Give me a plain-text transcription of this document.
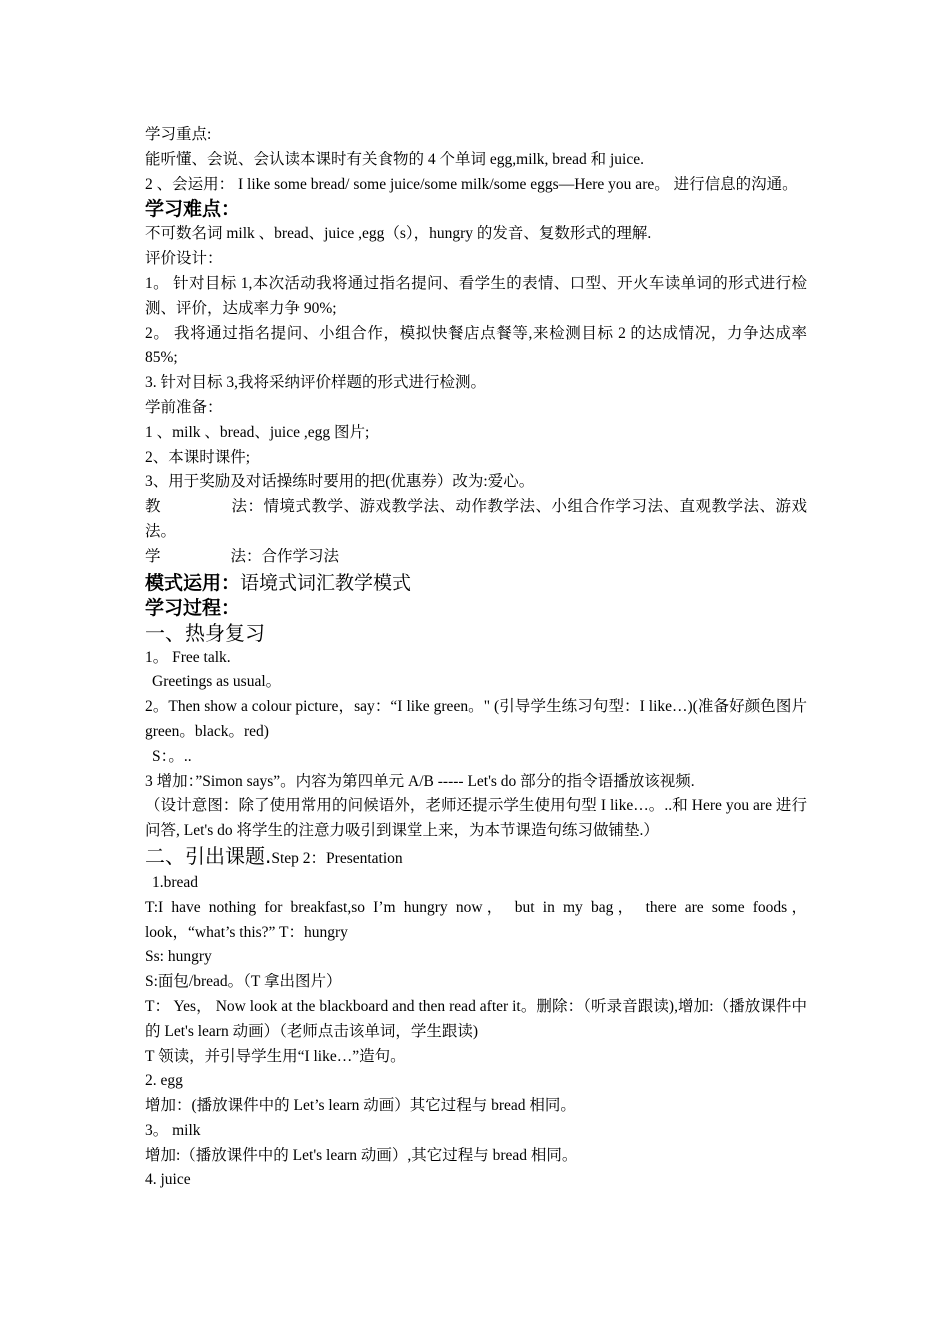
学习重点:

能听懂、会说、会认读本课时有关食物的 4 个单词 egg,milk, bread 和 juice.

2 、会运用： I like some bread/ some juice/some milk/some eggs—Here you are。 进行信息的沟通。

学习难点：

不可数名词 milk 、bread、juice ,egg（s），hungry 的发音、复数形式的理解.

评价设计：

1。 针对目标 1,本次活动我将通过指名提问、看学生的表情、口型、开火车读单词的形式进行检测、评价，达成率力争 90%;

2。 我将通过指名提问、小组合作，模拟快餐店点餐等,来检测目标 2 的达成情况，力争达成率 85%;

3. 针对目标 3,我将采纳评价样题的形式进行检测。

学前准备：

1 、milk 、bread、juice ,egg 图片;

2、本课时课件;

3、用于奖励及对话操练时要用的把(优惠券）改为:爱心。

教	法：情境式教学、游戏教学法、动作教学法、小组合作学习法、直观教学法、游戏法。

学	法：合作学习法

模式运用：语境式词汇教学模式

学习过程：

一、热身复习

1。 Free talk.

Greetings as usual。

2。Then show a colour picture，say：“I like green。" (引导学生练习句型：I like…)(准备好颜色图片 green。black。red)

S：。..

3 增加：”Simon says”。内容为第四单元 A/B ----- Let's do 部分的指令语播放该视频.

（设计意图：除了使用常用的问候语外，老师还提示学生使用句型 I like…。..和 Here you are 进行问答, Let's do 将学生的注意力吸引到课堂上来，为本节课造句练习做铺垫.）

二、引出课题.Step 2：Presentation

1.bread

T:I have nothing for breakfast,so I’m hungry now， but in my bag， there are some foods，look，“what’s this?” T：hungry

Ss: hungry

S:面包/bread。（T 拿出图片）

T： Yes， Now look at the blackboard and then read after it。删除：（听录音跟读),增加:（播放课件中的 Let's learn 动画）（老师点击该单词，学生跟读)

T 领读，并引导学生用“I like…”造句。

2. egg

增加：(播放课件中的 Let’s learn 动画）其它过程与 bread 相同。

3。 milk

增加:（播放课件中的 Let's learn 动画）,其它过程与 bread 相同。

4. juice
